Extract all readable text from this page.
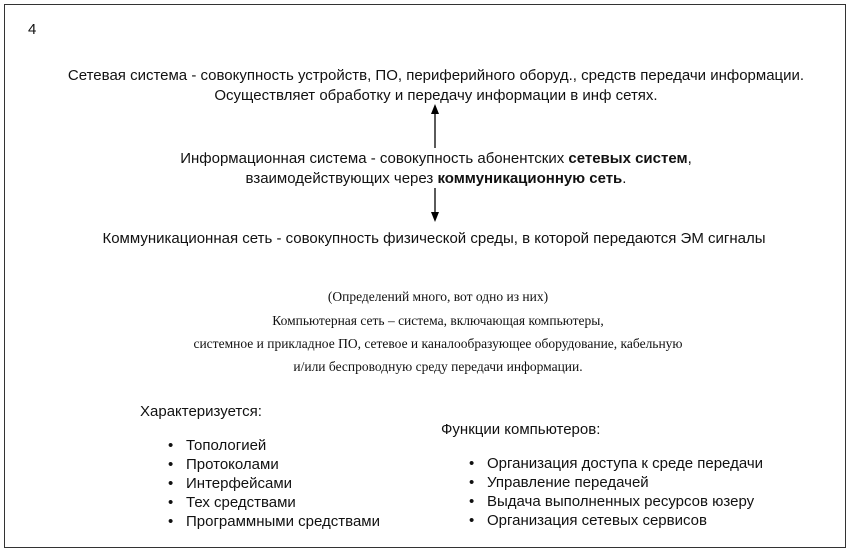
4
Сетевая система - совокупность устройств, ПО, периферийного оборуд., средств передачи информации.
Осуществляет обработку и передачу информации в инф сетях.
Информационная система - совокупность абонентских сетевых систем,
взаимодействующих через коммуникационную сеть.
Коммуникационная сеть - совокупность физической среды, в которой передаются ЭМ сигналы
(Определений много, вот одно из них)
Компьютерная сеть – система, включающая компьютеры,
системное и прикладное ПО, сетевое и каналообразующее оборудование, кабельную
и/или беспроводную среду передачи информации.
Характеризуется:
• Топологией
• Протоколами
• Интерфейсами
• Тех средствами
• Программными средствами
Функции компьютеров:
• Организация доступа к среде передачи
• Управление передачей
• Выдача выполненных ресурсов юзеру
• Организация сетевых сервисов
